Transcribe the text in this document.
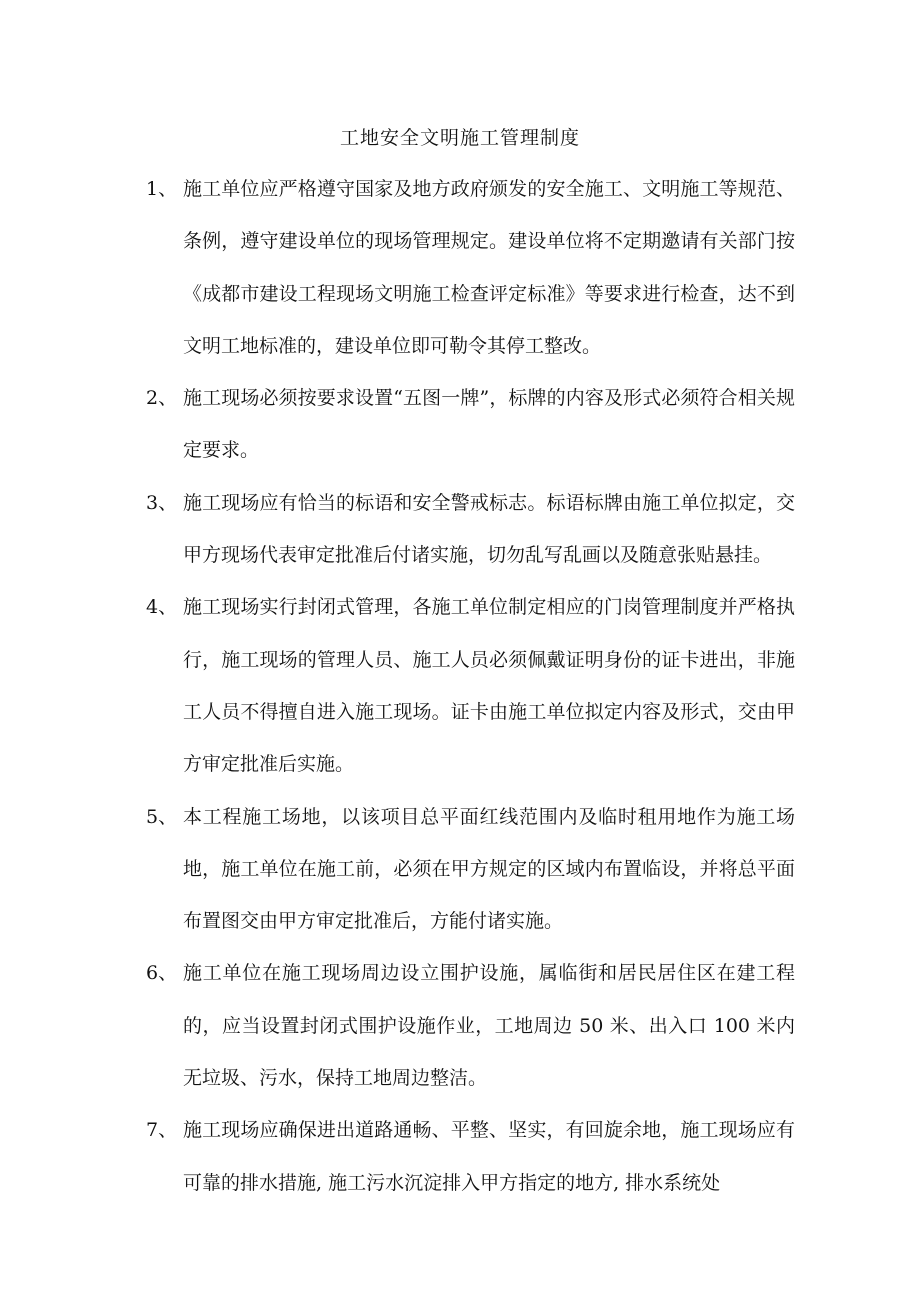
工地安全文明施工管理制度
1、 施工单位应严格遵守国家及地方政府颁发的安全施工、文明施工等规范、条例，遵守建设单位的现场管理规定。建设单位将不定期邀请有关部门按《成都市建设工程现场文明施工检查评定标准》等要求进行检查，达不到文明工地标准的，建设单位即可勒令其停工整改。
2、 施工现场必须按要求设置“五图一牌”，标牌的内容及形式必须符合相关规定要求。
3、 施工现场应有恰当的标语和安全警戒标志。标语标牌由施工单位拟定，交甲方现场代表审定批准后付诸实施，切勿乱写乱画以及随意张贴悬挂。
4、 施工现场实行封闭式管理，各施工单位制定相应的门岗管理制度并严格执行，施工现场的管理人员、施工人员必须佩戴证明身份的证卡进出，非施工人员不得擅自进入施工现场。证卡由施工单位拟定内容及形式，交由甲方审定批准后实施。
5、 本工程施工场地，以该项目总平面红线范围内及临时租用地作为施工场地，施工单位在施工前，必须在甲方规定的区域内布置临设，并将总平面布置图交由甲方审定批准后，方能付诸实施。
6、 施工单位在施工现场周边设立围护设施，属临街和居民居住区在建工程的，应当设置封闭式围护设施作业，工地周边 50 米、出入口 100 米内无垃圾、污水，保持工地周边整洁。
7、 施工现场应确保进出道路通畅、平整、坚实，有回旋余地，施工现场应有可靠的排水措施, 施工污水沉淀排入甲方指定的地方, 排水系统处
